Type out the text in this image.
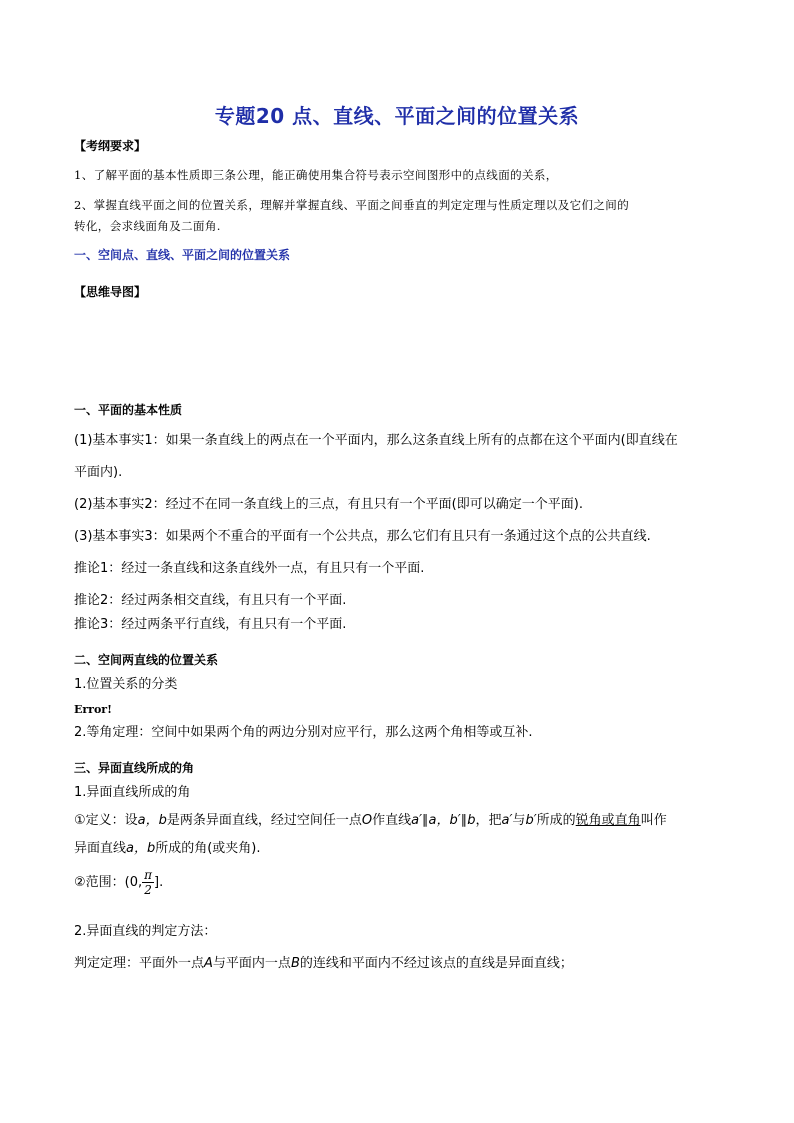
专题20 点、直线、平面之间的位置关系
【考纲要求】
1、了解平面的基本性质即三条公理，能正确使用集合符号表示空间图形中的点线面的关系，
2、掌握直线平面之间的位置关系，理解并掌握直线、平面之间垂直的判定定理与性质定理以及它们之间的
转化，会求线面角及二面角.
一、空间点、直线、平面之间的位置关系
【思维导图】
一、平面的基本性质
(1)基本事实1：如果一条直线上的两点在一个平面内，那么这条直线上所有的点都在这个平面内(即直线在
平面内).
(2)基本事实2：经过不在同一条直线上的三点，有且只有一个平面(即可以确定一个平面).
(3)基本事实3：如果两个不重合的平面有一个公共点，那么它们有且只有一条通过这个点的公共直线.
推论1：经过一条直线和这条直线外一点，有且只有一个平面.
推论2：经过两条相交直线，有且只有一个平面.
推论3：经过两条平行直线，有且只有一个平面.
二、空间两直线的位置关系
1.位置关系的分类
Error!
2.等角定理：空间中如果两个角的两边分别对应平行，那么这两个角相等或互补.
三、异面直线所成的角
1.异面直线所成的角
①定义：设a，b是两条异面直线，经过空间任一点O作直线a′∥a，b′∥b，把a′与b′所成的锐角或直角叫作
异面直线a，b所成的角(或夹角).
②范围：(0, $\frac{\pi}{2}$ ].
2.异面直线的判定方法：
判定定理：平面外一点A与平面内一点B的连线和平面内不经过该点的直线是异面直线；
